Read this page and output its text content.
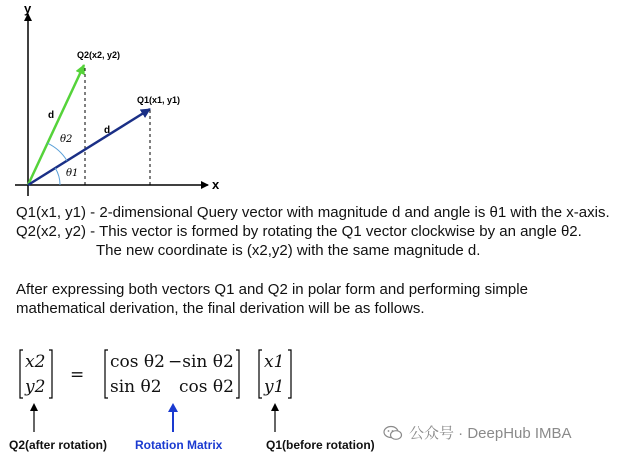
y
x
Q2(x2, y2)
Q1(x1, y1)
d
d
θ2
θ1
Q1(x1, y1) - 2-dimensional Query vector with magnitude d and angle is θ1 with the x-axis.
Q2(x2, y2) - This vector is formed by rotating the Q1 vector clockwise by an angle θ2.
The new coordinate is (x2,y2) with the same magnitude d.
After expressing both vectors Q1 and Q2 in polar form and performing simple mathematical derivation, the final derivation will be as follows.
x2
y2
=
cos θ2 −sin θ2
sin θ2 cos θ2
x1
y1
Q2(after rotation) Rotation Matrix	Q1(before rotation)
公众号 · DeepHub IMBA
